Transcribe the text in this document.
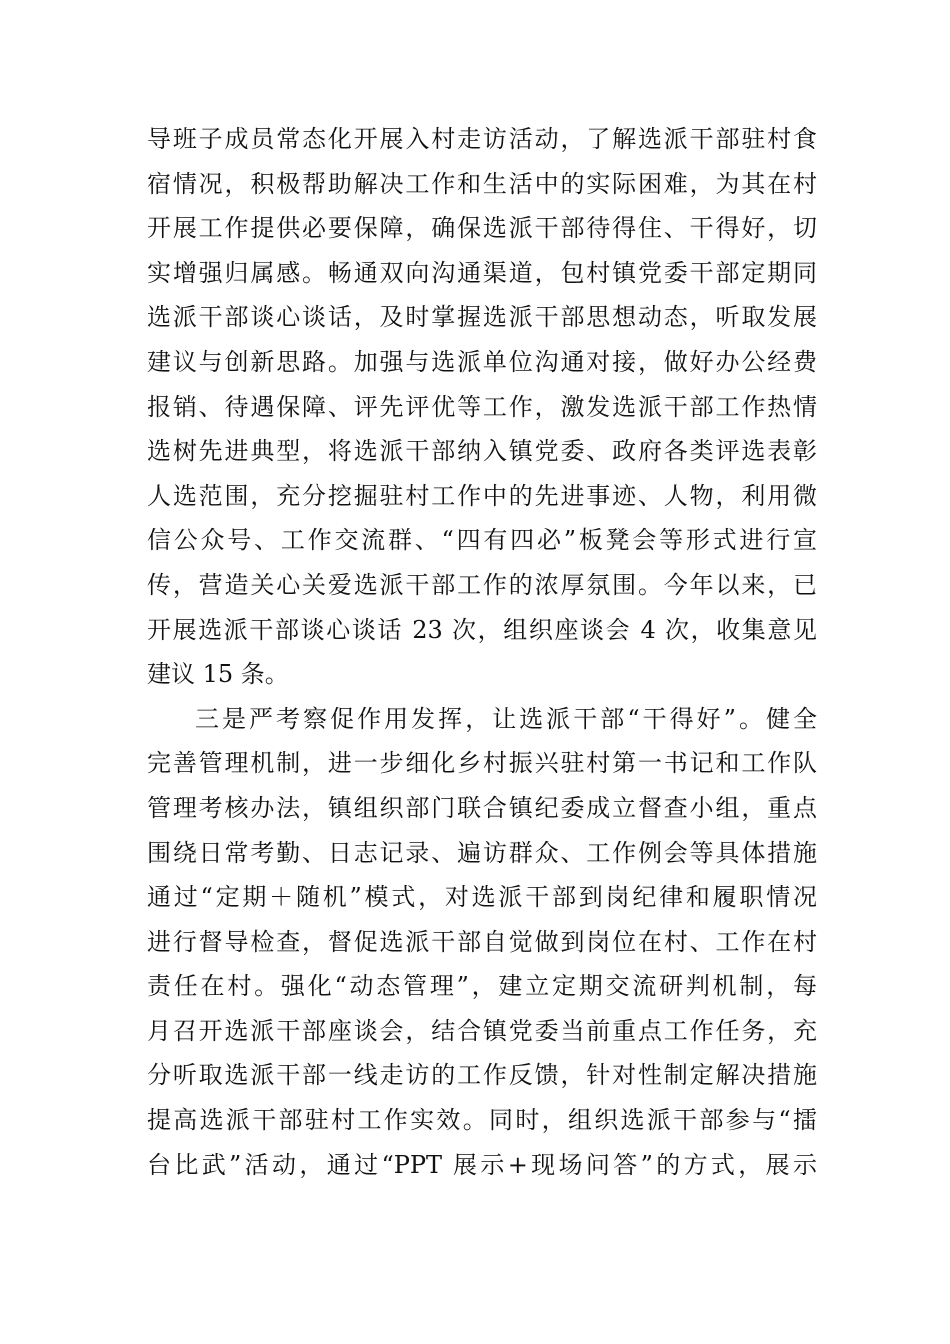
导班子成员常态化开展入村走访活动，了解选派干部驻村食
宿情况，积极帮助解决工作和生活中的实际困难，为其在村
开展工作提供必要保障，确保选派干部待得住、干得好，切
实增强归属感。畅通双向沟通渠道，包村镇党委干部定期同
选派干部谈心谈话，及时掌握选派干部思想动态，听取发展
建议与创新思路。加强与选派单位沟通对接，做好办公经费
报销、待遇保障、评先评优等工作，激发选派干部工作热情
选树先进典型，将选派干部纳入镇党委、政府各类评选表彰
人选范围，充分挖掘驻村工作中的先进事迹、人物，利用微
信公众号、工作交流群、“四有四必”板凳会等形式进行宣
传，营造关心关爱选派干部工作的浓厚氛围。今年以来，已
开展选派干部谈心谈话 23 次，组织座谈会 4 次，收集意见
建议 15 条。
三是严考察促作用发挥，让选派干部“干得好”。健全
完善管理机制，进一步细化乡村振兴驻村第一书记和工作队
管理考核办法，镇组织部门联合镇纪委成立督查小组，重点
围绕日常考勤、日志记录、遍访群众、工作例会等具体措施
通过“定期＋随机”模式，对选派干部到岗纪律和履职情况
进行督导检查，督促选派干部自觉做到岗位在村、工作在村
责任在村。强化“动态管理”，建立定期交流研判机制，每
月召开选派干部座谈会，结合镇党委当前重点工作任务，充
分听取选派干部一线走访的工作反馈，针对性制定解决措施
提高选派干部驻村工作实效。同时，组织选派干部参与“擂
台比武”活动，通过“PPT 展示+现场问答”的方式，展示
